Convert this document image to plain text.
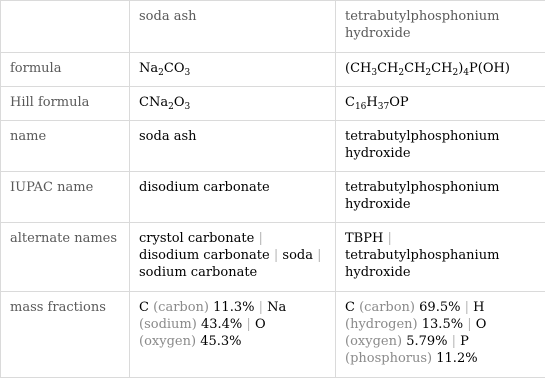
	soda ash	tetrabutylphosphonium hydroxide
formula	$Na_2CO_3$	$(CH_3CH_2CH_2CH_2)_4P(OH)$
Hill formula	$CNa_2O_3$	$C_{16}H_{37}OP$
name	soda ash	tetrabutylphosphonium hydroxide
IUPAC name	disodium carbonate	tetrabutylphosphonium hydroxide
alternate names	crystol carbonate | disodium carbonate | soda | sodium carbonate	TBPH | tetrabutylphosphanium hydroxide
mass fractions	C (carbon) 11.3% | Na (sodium) 43.4% | O (oxygen) 45.3%	C (carbon) 69.5% | H (hydrogen) 13.5% | O (oxygen) 5.79% | P (phosphorus) 11.2%
